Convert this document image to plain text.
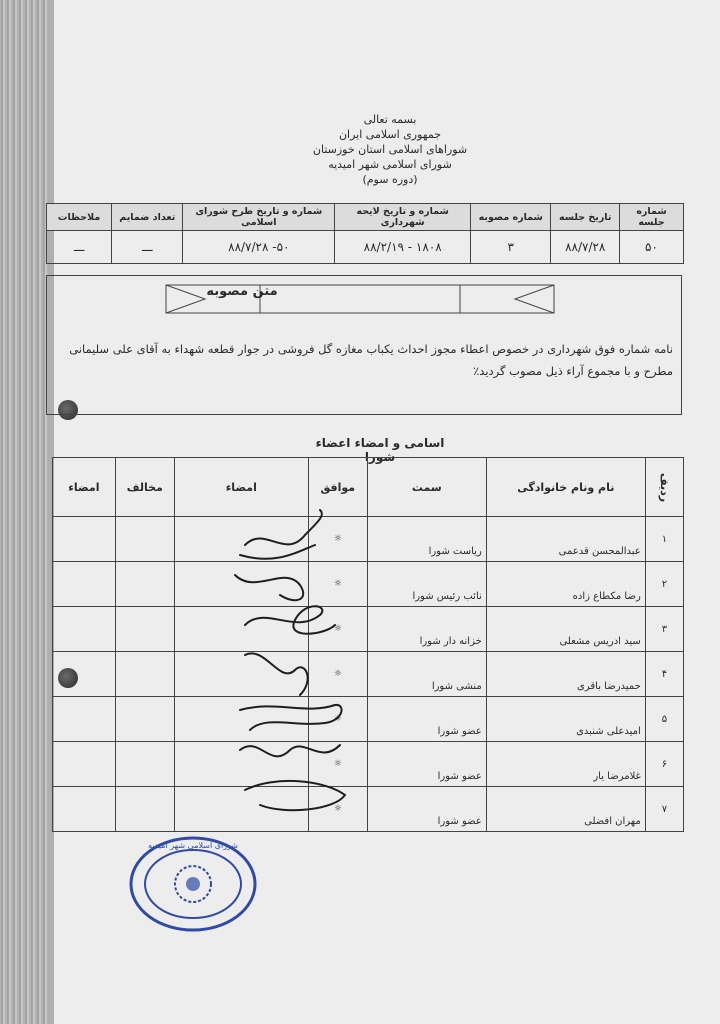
بسمه تعالی
جمهوری اسلامی ایران
شوراهای اسلامی استان خوزستان
شورای اسلامی شهر امیدیه
(دوره سوم)
شماره جلسه	تاریخ جلسه	شماره مصوبه	شماره و تاریخ لایحه شهرداری	شماره و تاریخ طرح شورای اسلامی	تعداد ضمایم	ملاحظات
۵۰	۸۸/۷/۲۸	۳	۱۸۰۸ - ۸۸/۲/۱۹	۵۰- ۸۸/۷/۲۸	ـــ	ـــ
متن مصوبه
نامه شماره فوق شهرداری در خصوص اعطاء مجوز احداث یکباب مغازه گل فروشی در جوار قطعه شهداء به آقای علی سلیمانی مطرح و با مجموع آراء ذیل مصوب گردید٪
اسامی و امضاء اعضاء شورا
ردیف	نام ونام خانوادگی	سمت	موافق	امضاء	مخالف	امضاء
۱	عبدالمحسن قدعمی	ریاست شورا	☼			
۲	رضا مکطاع زاده	نائب رئیس شورا	☼			
۳	سید ادریس مشعلی	خزانه دار شورا	☼			
۴	حمیدرضا باقری	منشی شورا	☼			
۵	امیدعلی شنبدی	عضو شورا	☼			
۶	غلامرضا یار	عضو شورا	☼			
۷	مهران افضلی	عضو شورا	☼			
شورای اسلامی شهر امیدیه
